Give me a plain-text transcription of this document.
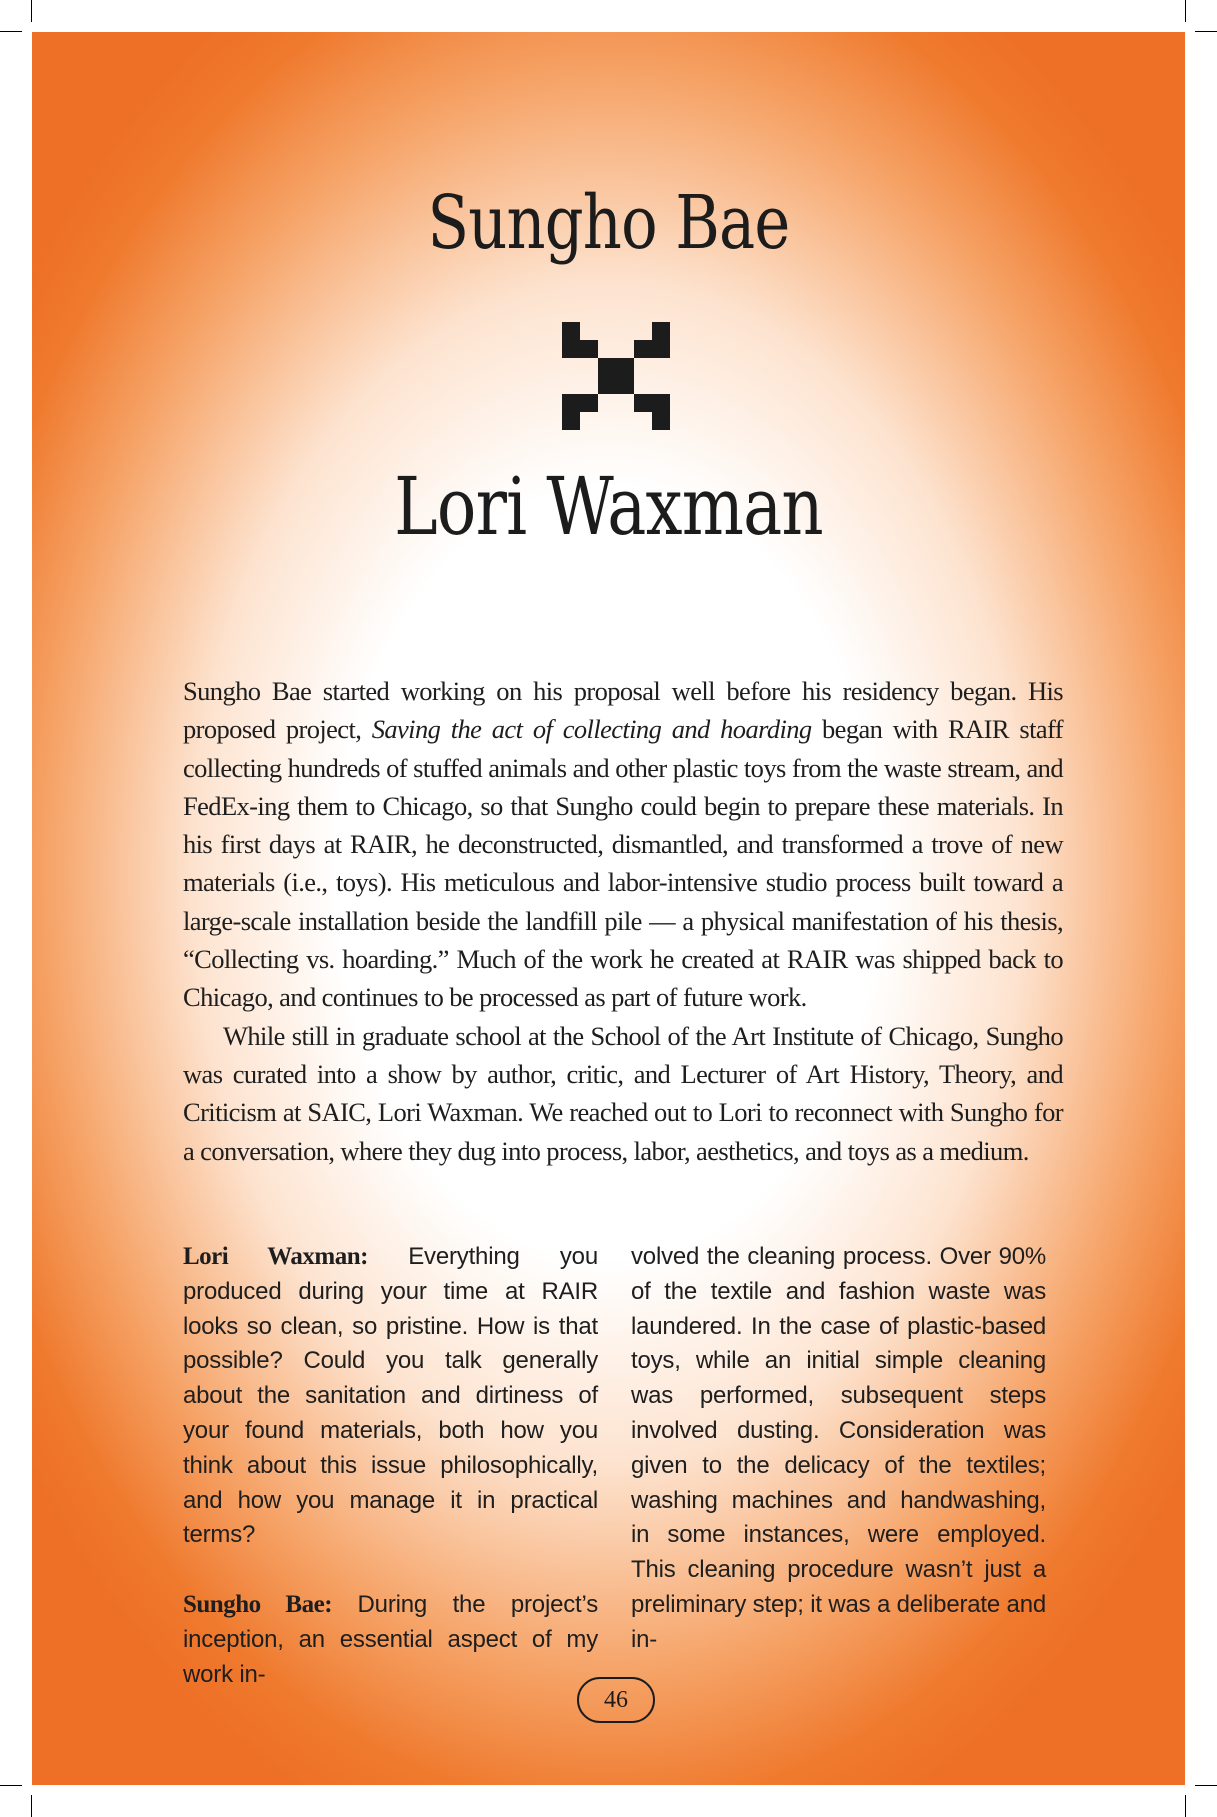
Sungho Bae
Lori Waxman

Sungho Bae started working on his proposal well before his residency began. His proposed project, Saving the act of collecting and hoarding began with RAIR staff collecting hundreds of stuffed animals and other plastic toys from the waste stream, and FedEx-ing them to Chicago, so that Sungho could begin to prepare these materials. In his first days at RAIR, he deconstructed, dismantled, and transformed a trove of new materials (i.e., toys). His meticulous and labor-intensive studio process built toward a large-scale installation beside the landfill pile — a physical manifestation of his thesis, “Collecting vs. hoarding.” Much of the work he created at RAIR was shipped back to Chicago, and continues to be processed as part of future work.

While still in graduate school at the School of the Art Institute of Chicago, Sungho was curated into a show by author, critic, and Lecturer of Art History, Theory, and Criticism at SAIC, Lori Waxman. We reached out to Lori to reconnect with Sungho for a conversation, where they dug into process, labor, aesthetics, and toys as a medium.

Lori Waxman: Everything you produced during your time at RAIR looks so clean, so pristine. How is that possible? Could you talk generally about the sanitation and dirtiness of your found materials, both how you think about this issue philosophically, and how you manage it in practical terms?

Sungho Bae: During the project’s inception, an essential aspect of my work in-

volved the cleaning process. Over 90% of the textile and fashion waste was laundered. In the case of plastic-based toys, while an initial simple cleaning was performed, subsequent steps involved dusting. Consideration was given to the delicacy of the textiles; washing machines and handwashing, in some instances, were employed. This cleaning procedure wasn’t just a preliminary step; it was a deliberate and in-

46
